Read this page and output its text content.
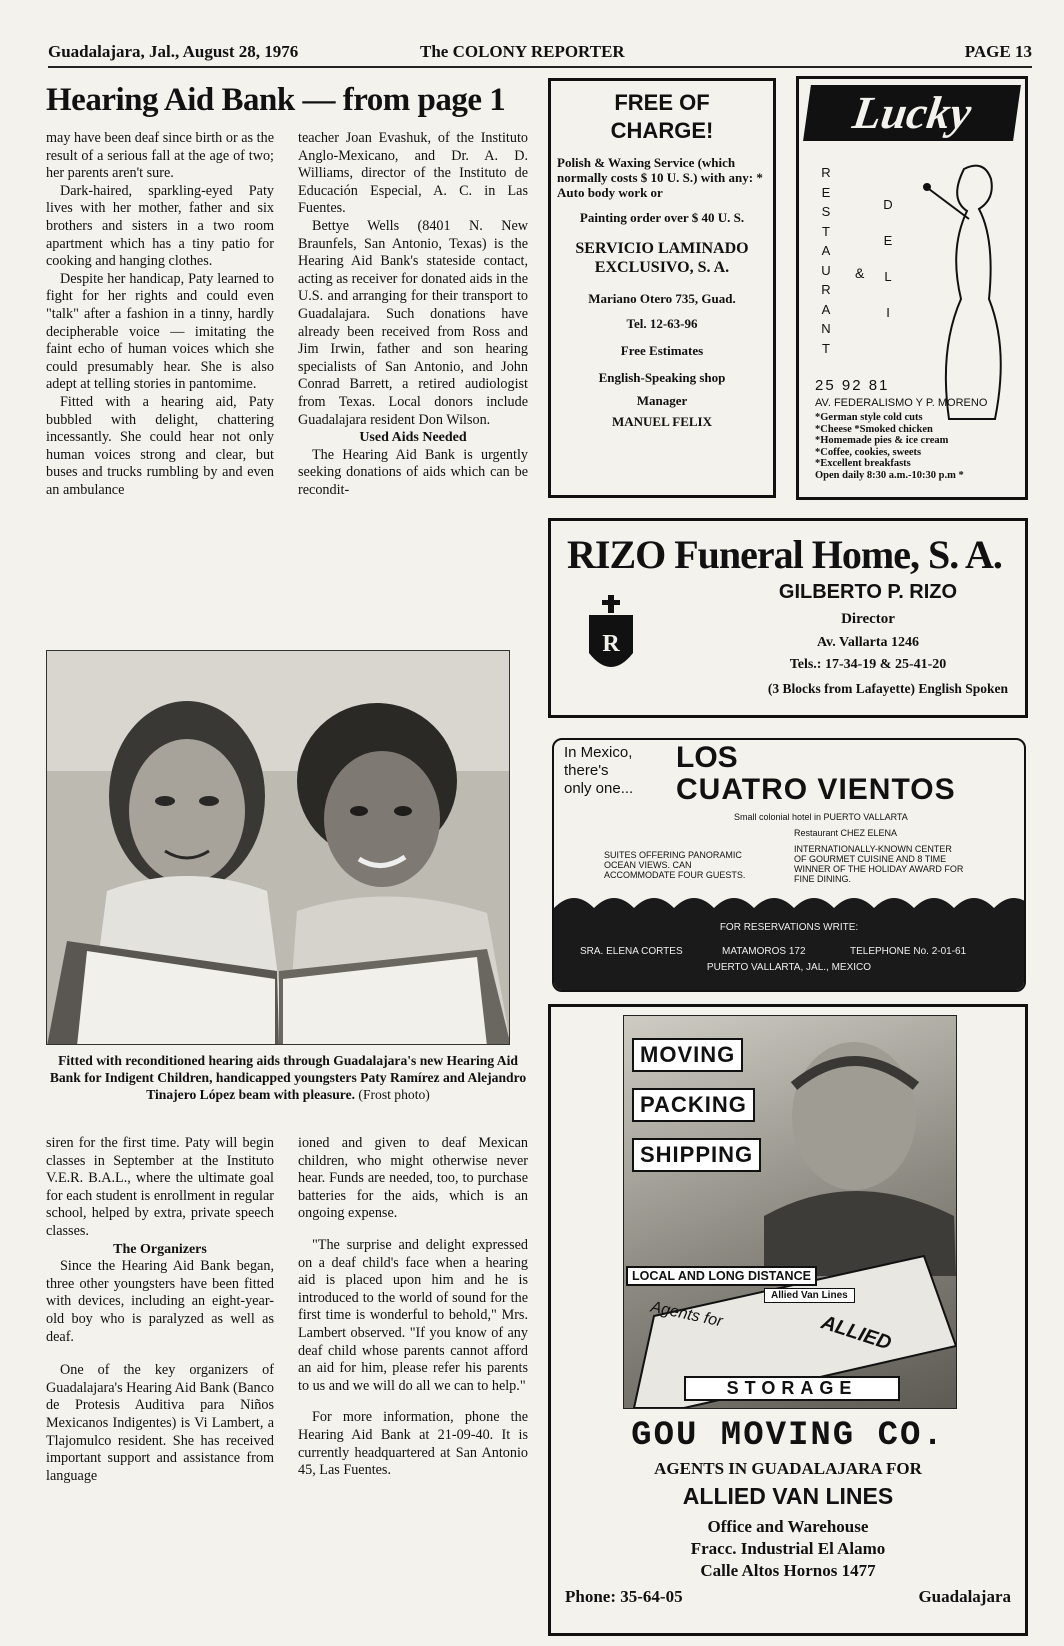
Guadalajara, Jal., August 28, 1976	The COLONY REPORTER	PAGE 13
Hearing Aid Bank — from page 1

may have been deaf since birth or as the result of a serious fall at the age of two; her parents aren't sure.

Dark-haired, sparkling-eyed Paty lives with her mother, father and six brothers and sisters in a two room apartment which has a tiny patio for cooking and hanging clothes.

Despite her handicap, Paty learned to fight for her rights and could even "talk" after a fashion in a tinny, hardly decipherable voice — imitating the faint echo of human voices which she could presumably hear. She is also adept at telling stories in pantomime.

Fitted with a hearing aid, Paty bubbled with delight, chattering incessantly. She could hear not only human voices strong and clear, but buses and trucks rumbling by and even an ambulance

teacher Joan Evashuk, of the Instituto Anglo-Mexicano, and Dr. A. D. Williams, director of the Instituto de Educación Especial, A. C. in Las Fuentes.

Bettye Wells (8401 N. New Braunfels, San Antonio, Texas) is the Hearing Aid Bank's stateside contact, acting as receiver for donated aids in the U.S. and arranging for their transport to Guadalajara. Such donations have already been received from Ross and Jim Irwin, father and son hearing specialists of San Antonio, and John Conrad Barrett, a retired audiologist from Texas. Local donors include Guadalajara resident Don Wilson.

Used Aids Needed

The Hearing Aid Bank is urgently seeking donations of aids which can be recondit-

Fitted with reconditioned hearing aids through Guadalajara's new Hearing Aid Bank for Indigent Children, handicapped youngsters Paty Ramírez and Alejandro Tinajero López beam with pleasure. (Frost photo)

siren for the first time. Paty will begin classes in September at the Instituto V.E.R. B.A.L., where the ultimate goal for each student is enrollment in regular school, helped by extra, private speech classes.

The Organizers

Since the Hearing Aid Bank began, three other youngsters have been fitted with devices, including an eight-year-old boy who is paralyzed as well as deaf.

One of the key organizers of Guadalajara's Hearing Aid Bank (Banco de Protesis Auditiva para Niños Mexicanos Indigentes) is Vi Lambert, a Tlajomulco resident. She has received important support and assistance from language

ioned and given to deaf Mexican children, who might otherwise never hear. Funds are needed, too, to purchase batteries for the aids, which is an ongoing expense.

"The surprise and delight expressed on a deaf child's face when a hearing aid is placed upon him and he is introduced to the world of sound for the first time is wonderful to behold," Mrs. Lambert observed. "If you know of any deaf child whose parents cannot afford an aid for him, please refer his parents to us and we will do all we can to help."

For more information, phone the Hearing Aid Bank at 21-09-40. It is currently headquartered at San Antonio 45, Las Fuentes.

FREE OF
CHARGE!
Polish & Waxing Service (which normally costs $ 10 U. S.) with any: * Auto body work or
Painting order over $ 40 U. S.
SERVICIO LAMINADO EXCLUSIVO, S. A.
Mariano Otero 735, Guad.
Tel. 12-63-96
Free Estimates
English-Speaking shop
Manager
MANUEL FELIX
Lucky
R
E
S
T
A
U
R
A
N
T
&
D
E
L
I
25 92 81
AV. FEDERALISMO Y P. MORENO
*German style cold cuts
*Cheese *Smoked chicken
*Homemade pies & ice cream
*Coffee, cookies, sweets
*Excellent breakfasts
Open daily 8:30 a.m.-10:30 p.m *
RIZO Funeral Home, S. A.
R
GILBERTO P. RIZO
Director
Av. Vallarta 1246
Tels.: 17-34-19 & 25-41-20
(3 Blocks from Lafayette) English Spoken
In Mexico,
there's
only one...
LOS
CUATRO VIENTOS
Small colonial hotel in PUERTO VALLARTA
Restaurant CHEZ ELENA
SUITES OFFERING PANORAMIC OCEAN VIEWS. CAN ACCOMMODATE FOUR GUESTS.
INTERNATIONALLY-KNOWN CENTER OF GOURMET CUISINE AND 8 TIME WINNER OF THE HOLIDAY AWARD FOR FINE DINING.
FOR RESERVATIONS WRITE:
SRA. ELENA CORTES	MATAMOROS 172	TELEPHONE No. 2-01-61
PUERTO VALLARTA, JAL., MEXICO
MOVING
PACKING
SHIPPING
LOCAL AND LONG DISTANCE
Allied Van Lines
Agents for	ALLIED
STORAGE
GOU MOVING CO.
AGENTS IN GUADALAJARA FOR
ALLIED VAN LINES
Office and Warehouse
Fracc. Industrial El Alamo
Calle Altos Hornos 1477
Phone: 35-64-05	Guadalajara
